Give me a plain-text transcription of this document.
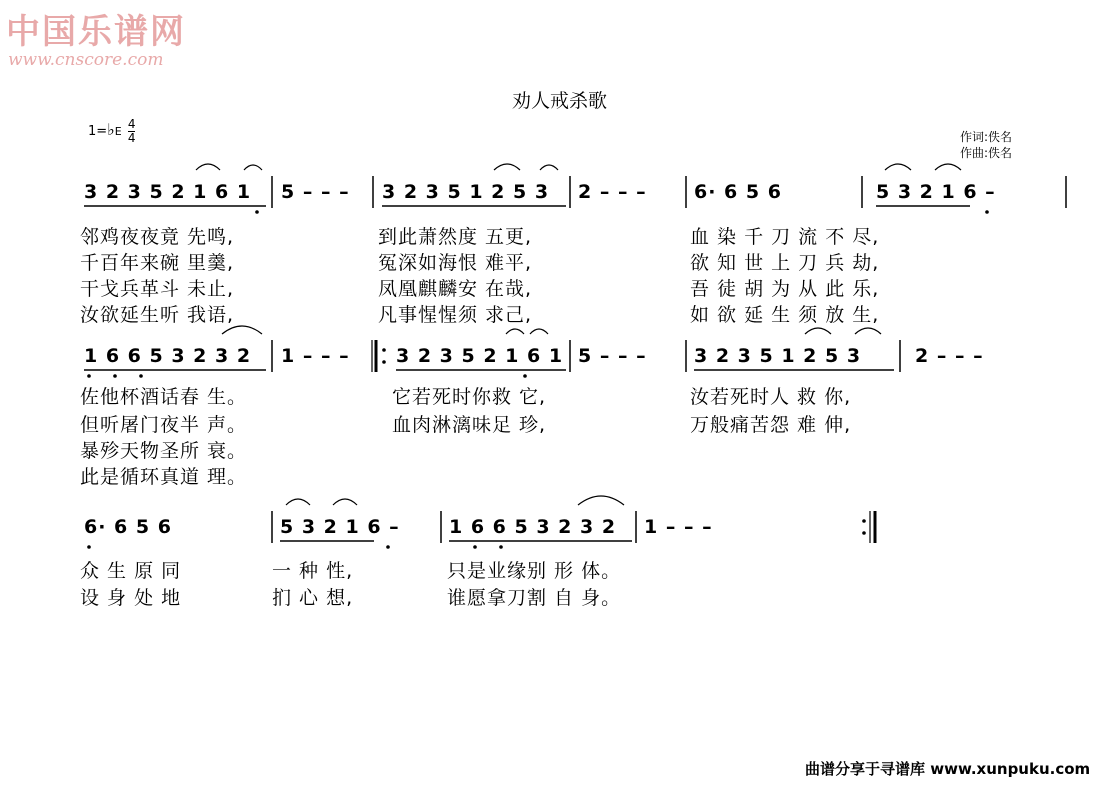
中国乐谱网
www.cnscore.com
劝人戒杀歌
1=♭E $\frac{4}{4}$	作词:佚名
作曲:佚名
3 2 3 5 2 1 6 1 5 – – – 3 2 3 5 1 2 5 3 2 – – – 6· 6 5 6	5 3 2 1 6 –
邻鸡夜夜竟 先鸣,	到此萧然度 五更,	血 染 千 刀 流 不 尽,
千百年来碗 里羹,	冤深如海恨 难平,	欲 知 世 上 刀 兵 劫,
干戈兵革斗 未止,	凤凰麒麟安 在哉,	吾 徒 胡 为 从 此 乐,
汝欲延生听 我语,	凡事惺惺须 求己,	如 欲 延 生 须 放 生,
1 6 6 5 3 2 3 2 1 – – – 3 2 3 5 2 1 6 1 5 – – – 3 2 3 5 1 2 5 3	2 – – –
佐他杯酒话春 生。	它若死时你救 它,	汝若死时人 救 你,
但听屠门夜半 声。	血肉淋漓味足 珍,	万般痛苦怨 难 伸,
暴殄天物圣所 衰。
此是循环真道 理。
6· 6 5 6	5 3 2 1 6 –	1 6 6 5 3 2 3 2 1 – – –
众 生 原 同	一 种 性,	只是业缘别 形 体。
设 身 处 地	扪 心 想,	谁愿拿刀割 自 身。
曲谱分享于寻谱库 www.xunpuku.com
